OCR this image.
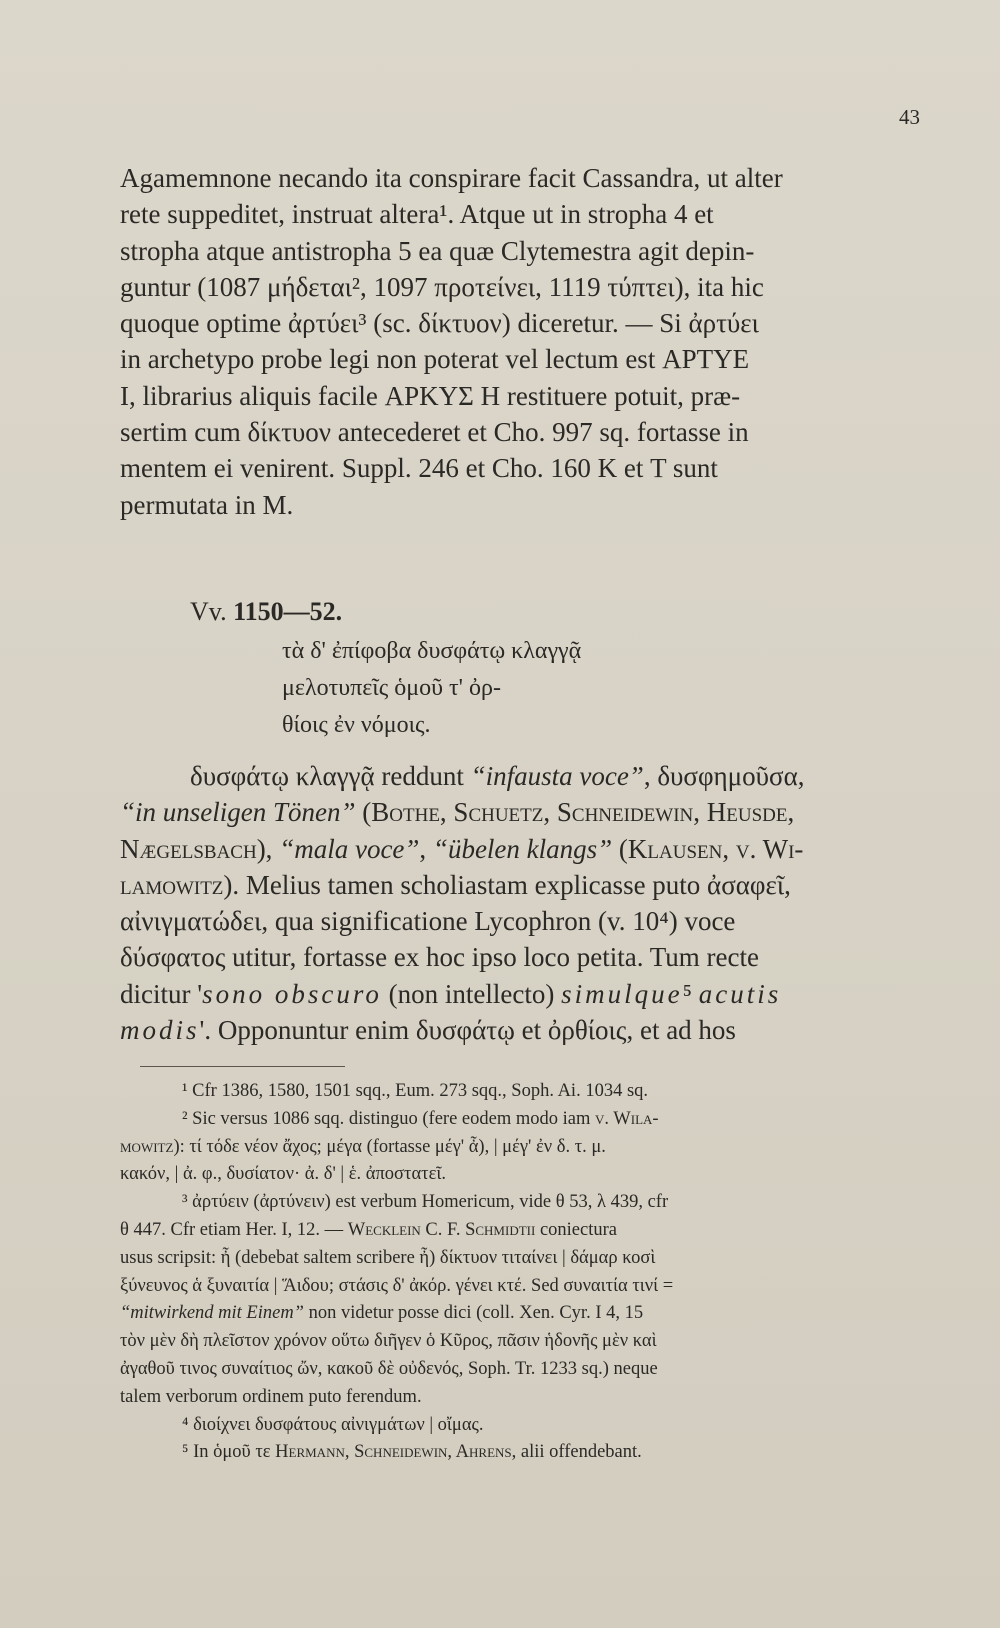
43

Agamemnone necando ita conspirare facit Cassandra, ut alter
rete suppeditet, instruat altera¹. Atque ut in stropha 4 et
stropha atque antistropha 5 ea quæ Clytemestra agit depin-
guntur (1087 μήδεται², 1097 προτείνει, 1119 τύπτει), ita hic
quoque optime ἀρτύει³ (sc. δίκτυον) diceretur. — Si ἀρτύει
in archetypo probe legi non poterat vel lectum est ΑΡΤΥΕ
I, librarius aliquis facile ΑΡΚΥΣ Η restituere potuit, præ-
sertim cum δίκτυον antecederet et Cho. 997 sq. fortasse in
mentem ei venirent. Suppl. 246 et Cho. 160 Κ et Τ sunt
permutata in M.

Vv. 1150—52.
τὰ δ' ἐπίφοβα δυσφάτῳ κλαγγᾷ
μελοτυπεῖς ὁμοῦ τ' ὀρ-
θίοις ἐν νόμοις.

δυσφάτῳ κλαγγᾷ reddunt “infausta voce”, δυσφημοῦσα,
“in unseligen Tönen” (Bothe, Schuetz, Schneidewin, Heusde,
Nægelsbach), “mala voce”, “übelen klangs” (Klausen, v. Wi-
lamowitz). Melius tamen scholiastam explicasse puto ἀσαφεῖ,
αἰνιγματώδει, qua significatione Lycophron (v. 10⁴) voce
δύσφατος utitur, fortasse ex hoc ipso loco petita. Tum recte
dicitur 'sono obscuro (non intellecto) simulque⁵ acutis
modis'. Opponuntur enim δυσφάτῳ et ὀρθίοις, et ad hos

¹ Cfr 1386, 1580, 1501 sqq., Eum. 273 sqq., Soph. Ai. 1034 sq.
² Sic versus 1086 sqq. distinguo (fere eodem modo iam v. Wila-
mowitz): τί τόδε νέον ἄχος; μέγα (fortasse μέγ' ἆ), | μέγ' ἐν δ. τ. μ.
κακόν, | ἀ. φ., δυσίατον· ἀ. δ' | ἑ. ἀποστατεῖ.
³ ἀρτύειν (ἀρτύνειν) est verbum Homericum, vide θ 53, λ 439, cfr
θ 447. Cfr etiam Her. I, 12. — Wecklein C. F. Schmidtii coniectura
usus scripsit: ἦ (debebat saltem scribere ἦ) δίκτυον τιταίνει | δάμαρ κοσὶ
ξύνευνος ἁ ξυναιτία | Ἅιδου; στάσις δ' ἀκόρ. γένει κτέ. Sed συναιτία τινί =
“mitwirkend mit Einem” non videtur posse dici (coll. Xen. Cyr. I 4, 15
τὸν μὲν δὴ πλεῖστον χρόνον οὕτω διῆγεν ὁ Κῦρος, πᾶσιν ἡδονῆς μὲν καὶ
ἀγαθοῦ τινος συναίτιος ὤν, κακοῦ δὲ οὐδενός, Soph. Tr. 1233 sq.) neque
talem verborum ordinem puto ferendum.
⁴ διοίχνει δυσφάτους αἰνιγμάτων | οἴμας.
⁵ In ὁμοῦ τε Hermann, Schneidewin, Ahrens, alii offendebant.
